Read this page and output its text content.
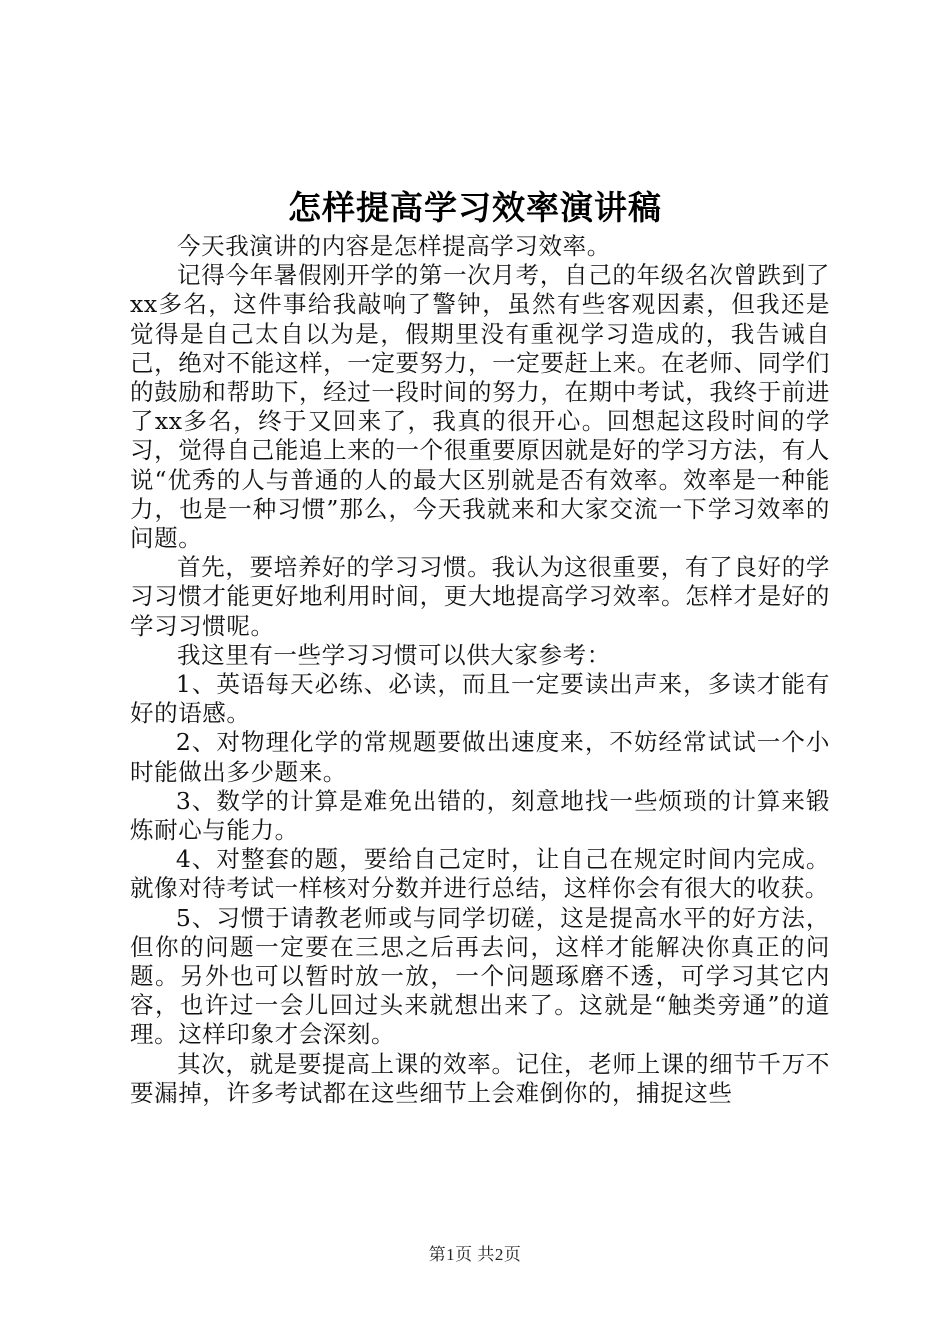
怎样提高学习效率演讲稿

今天我演讲的内容是怎样提高学习效率。

记得今年暑假刚开学的第一次月考，自己的年级名次曾跌到了xx多名，这件事给我敲响了警钟，虽然有些客观因素，但我还是觉得是自己太自以为是，假期里没有重视学习造成的，我告诫自己，绝对不能这样，一定要努力，一定要赶上来。在老师、同学们的鼓励和帮助下，经过一段时间的努力，在期中考试，我终于前进了xx多名，终于又回来了，我真的很开心。回想起这段时间的学习，觉得自己能追上来的一个很重要原因就是好的学习方法，有人说“优秀的人与普通的人的最大区别就是否有效率。效率是一种能力，也是一种习惯”那么，今天我就来和大家交流一下学习效率的问题。

首先，要培养好的学习习惯。我认为这很重要，有了良好的学习习惯才能更好地利用时间，更大地提高学习效率。怎样才是好的学习习惯呢。

我这里有一些学习习惯可以供大家参考：

1、英语每天必练、必读，而且一定要读出声来，多读才能有好的语感。

2、对物理化学的常规题要做出速度来，不妨经常试试一个小时能做出多少题来。

3、数学的计算是难免出错的，刻意地找一些烦琐的计算来锻炼耐心与能力。

4、对整套的题，要给自己定时，让自己在规定时间内完成。就像对待考试一样核对分数并进行总结，这样你会有很大的收获。

5、习惯于请教老师或与同学切磋，这是提高水平的好方法，但你的问题一定要在三思之后再去问，这样才能解决你真正的问题。另外也可以暂时放一放，一个问题琢磨不透，可学习其它内容，也许过一会儿回过头来就想出来了。这就是“触类旁通”的道理。这样印象才会深刻。

其次，就是要提高上课的效率。记住，老师上课的细节千万不要漏掉，许多考试都在这些细节上会难倒你的，捕捉这些

第1页 共2页
